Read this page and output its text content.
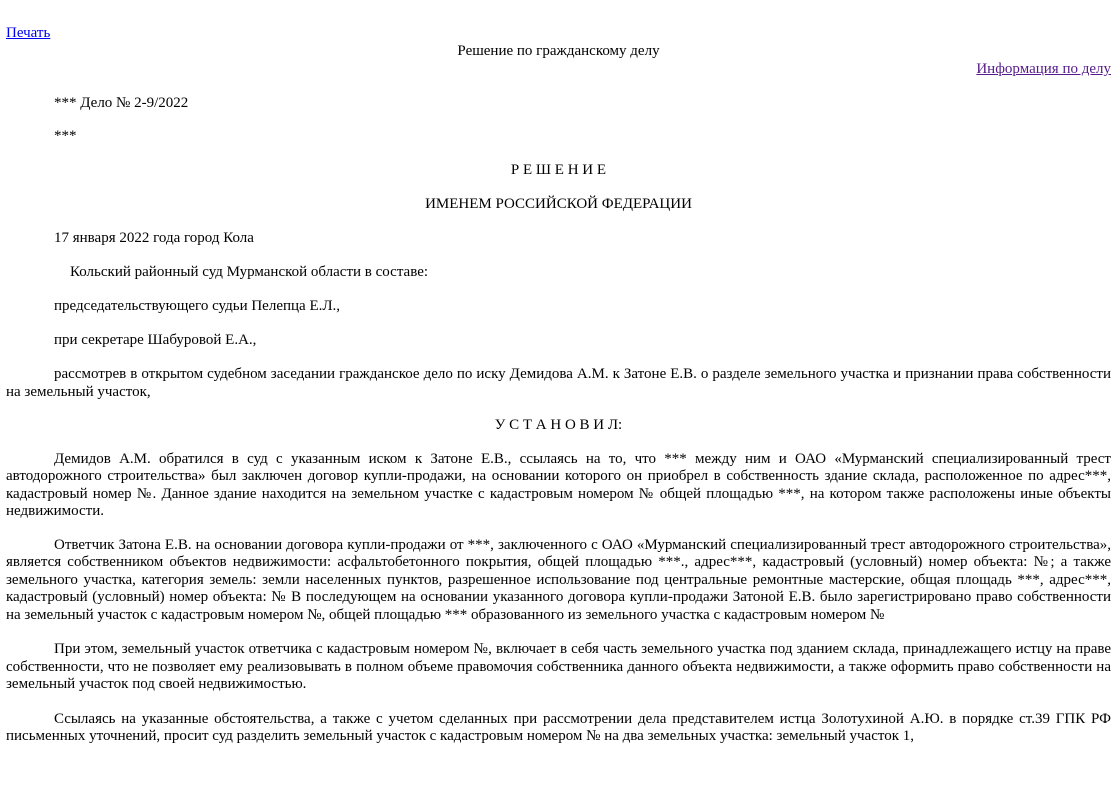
Печать
Решение по гражданскому делу
Информация по делу

*** Дело № 2-9/2022

***

Р Е Ш Е Н И Е

ИМЕНЕМ РОССИЙСКОЙ ФЕДЕРАЦИИ

17 января 2022 года город Кола

Кольский районный суд Мурманской области в составе:

председательствующего судьи Пелепца Е.Л.,

при секретаре Шабуровой Е.А.,

рассмотрев в открытом судебном заседании гражданское дело по иску Демидова А.М. к Затоне Е.В. о разделе земельного участка и признании права собственности на земельный участок,

У С Т А Н О В И Л:

Демидов А.М. обратился в суд с указанным иском к Затоне Е.В., ссылаясь на то, что *** между ним и ОАО «Мурманский специализированный трест автодорожного строительства» был заключен договор купли-продажи, на основании которого он приобрел в собственность здание склада, расположенное по адрес***, кадастровый номер №. Данное здание находится на земельном участке с кадастровым номером № общей площадью ***, на котором также расположены иные объекты недвижимости.

Ответчик Затона Е.В. на основании договора купли-продажи от ***, заключенного с ОАО «Мурманский специализированный трест автодорожного строительства», является собственником объектов недвижимости: асфальтобетонного покрытия, общей площадью ***., адрес***, кадастровый (условный) номер объекта: №; а также земельного участка, категория земель: земли населенных пунктов, разрешенное использование под центральные ремонтные мастерские, общая площадь ***, адрес***, кадастровый (условный) номер объекта: № В последующем на основании указанного договора купли-продажи Затоной Е.В. было зарегистрировано право собственности на земельный участок с кадастровым номером №, общей площадью *** образованного из земельного участка с кадастровым номером №

При этом, земельный участок ответчика с кадастровым номером №, включает в себя часть земельного участка под зданием склада, принадлежащего истцу на праве собственности, что не позволяет ему реализовывать в полном объеме правомочия собственника данного объекта недвижимости, а также оформить право собственности на земельный участок под своей недвижимостью.

Ссылаясь на указанные обстоятельства, а также с учетом сделанных при рассмотрении дела представителем истца Золотухиной А.Ю. в порядке ст.39 ГПК РФ письменных уточнений, просит суд разделить земельный участок с кадастровым номером № на два земельных участка: земельный участок 1,
